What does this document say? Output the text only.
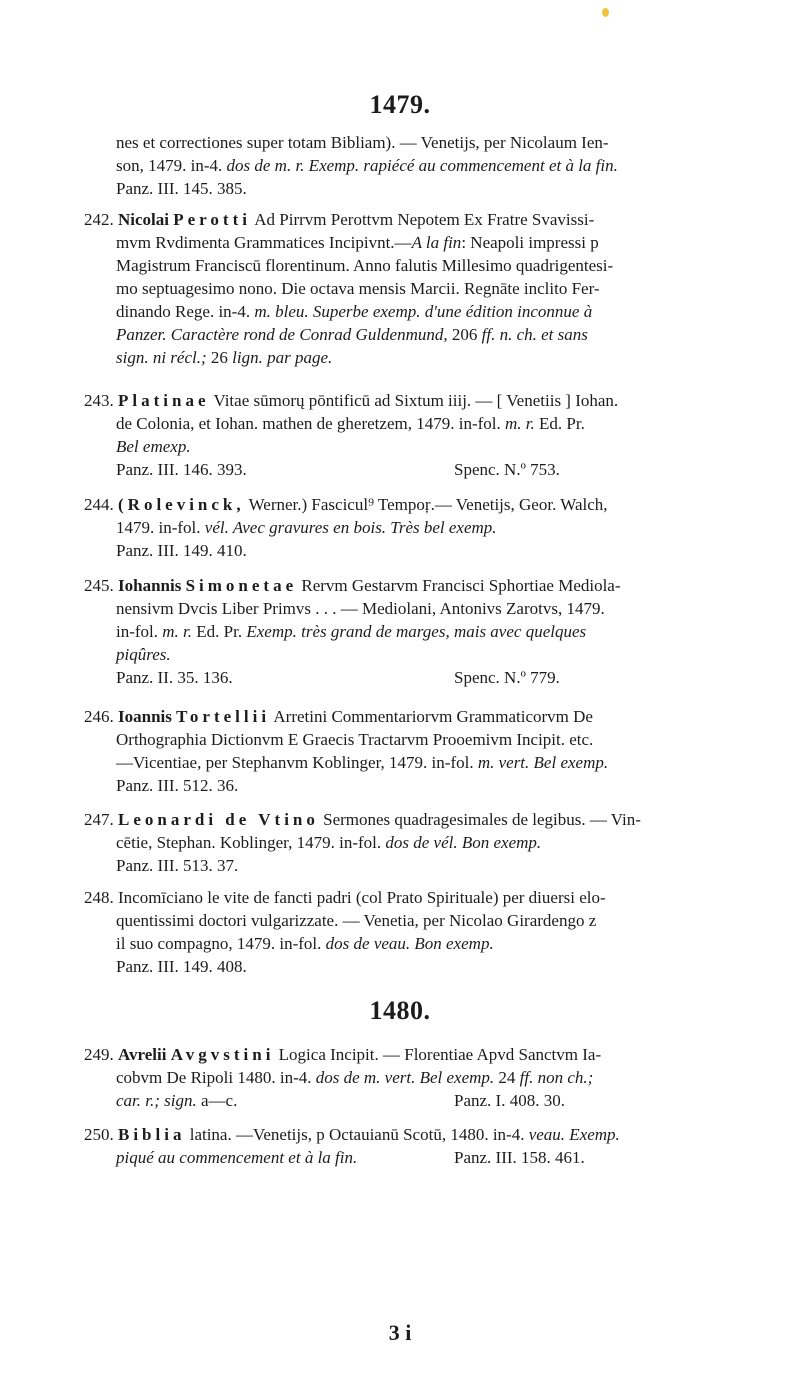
1479.
nes et correctiones super totam Bibliam). — Venetijs, per Nicolaum Ien-
son, 1479. in-4. dos de m. r. Exemp. rapiécé au commencement et à la fin.
Panz. III. 145. 385.
242. Nicolai Perotti Ad Pirrvm Perottvm Nepotem Ex Fratre Svavissi-
mvm Rvdimenta Grammatices Incipivnt.—A la fin: Neapoli impressi p
Magistrum Franciscū florentinum. Anno falutis Millesimo quadrigentesi-
mo septuagesimo nono. Die octava mensis Marcii. Regnāte inclito Fer-
dinando Rege. in-4. m. bleu. Superbe exemp. d'une édition inconnue à
Panzer. Caractère rond de Conrad Guldenmund, 206 ff. n. ch. et sans
sign. ni récl.; 26 lign. par page.
243. Platinae Vitae sūmorų pōntificū ad Sixtum iiij. — [ Venetiis ] Iohan.
de Colonia, et Iohan. mathen de gheretzem, 1479. in-fol. m. r. Ed. Pr.
Bel emexp.
Panz. III. 146. 393.	Spenc. N.º 753.
244. (Rolevinck, Werner.) Fascicul⁹ Tempoŗ.— Venetijs, Geor. Walch,
1479. in-fol. vél. Avec gravures en bois. Très bel exemp.
Panz. III. 149. 410.
245. Iohannis Simonetae Rervm Gestarvm Francisci Sphortiae Mediola-
nensivm Dvcis Liber Primvs . . . — Mediolani, Antonivs Zarotvs, 1479.
in-fol. m. r. Ed. Pr. Exemp. très grand de marges, mais avec quelques
piqûres.
Panz. II. 35. 136.	Spenc. N.º 779.
246. Ioannis Tortellii Arretini Commentariorvm Grammaticorvm De
Orthographia Dictionvm E Graecis Tractarvm Prooemivm Incipit. etc.
—Vicentiae, per Stephanvm Koblinger, 1479. in-fol. m. vert. Bel exemp.
Panz. III. 512. 36.
247. Leonardi de Vtino Sermones quadragesimales de legibus. — Vin-
cētie, Stephan. Koblinger, 1479. in-fol. dos de vél. Bon exemp.
Panz. III. 513. 37.
248. Incomīciano le vite de fancti padri (col Prato Spirituale) per diuersi elo-
quentissimi doctori vulgarizzate. — Venetia, per Nicolao Girardengo z
il suo compagno, 1479. in-fol. dos de veau. Bon exemp.
Panz. III. 149. 408.
1480.
249. Avrelii Avgvstini Logica Incipit. — Florentiae Apvd Sanctvm Ia-
cobvm De Ripoli 1480. in-4. dos de m. vert. Bel exemp. 24 ff. non ch.;
car. r.; sign. a—c.	Panz. I. 408. 30.
250. Biblia latina. —Venetijs, p Octauianū Scotū, 1480. in-4. veau. Exemp.
piqué au commencement et à la fin.	Panz. III. 158. 461.
3 i
